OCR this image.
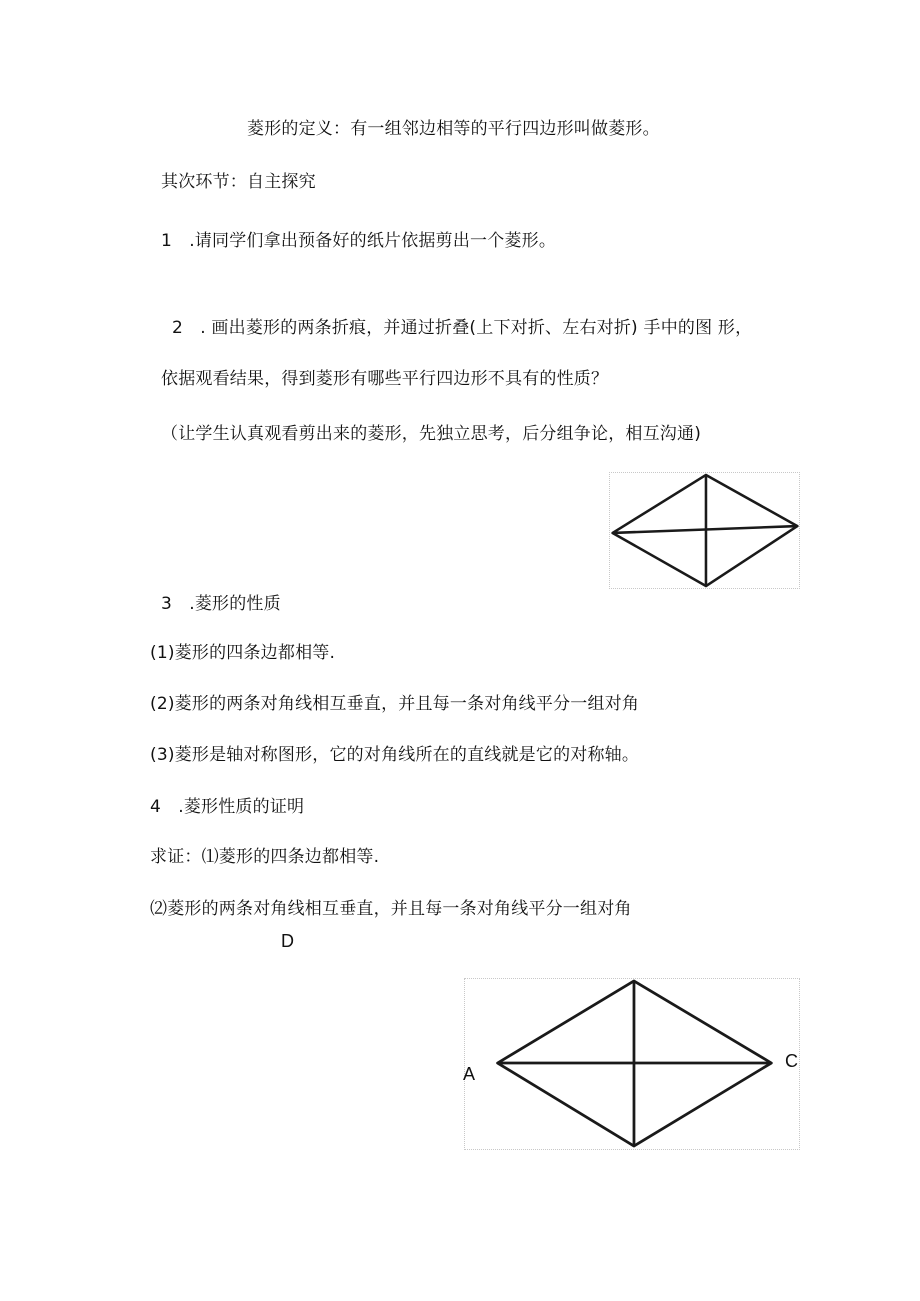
菱形的定义：有一组邻边相等的平行四边形叫做菱形。
其次环节：自主探究
1　.请同学们拿出预备好的纸片依据剪出一个菱形。
2　. 画出菱形的两条折痕，并通过折叠(上下对折、左右对折) 手中的图 形，
依据观看结果，得到菱形有哪些平行四边形不具有的性质？
（让学生认真观看剪出来的菱形，先独立思考，后分组争论，相互沟通)
3　.菱形的性质
(1)菱形的四条边都相等.
(2)菱形的两条对角线相互垂直，并且每一条对角线平分一组对角
(3)菱形是轴对称图形，它的对角线所在的直线就是它的对称轴。
4　.菱形性质的证明
求证：⑴菱形的四条边都相等.
⑵菱形的两条对角线相互垂直，并且每一条对角线平分一组对角
D
A
C
